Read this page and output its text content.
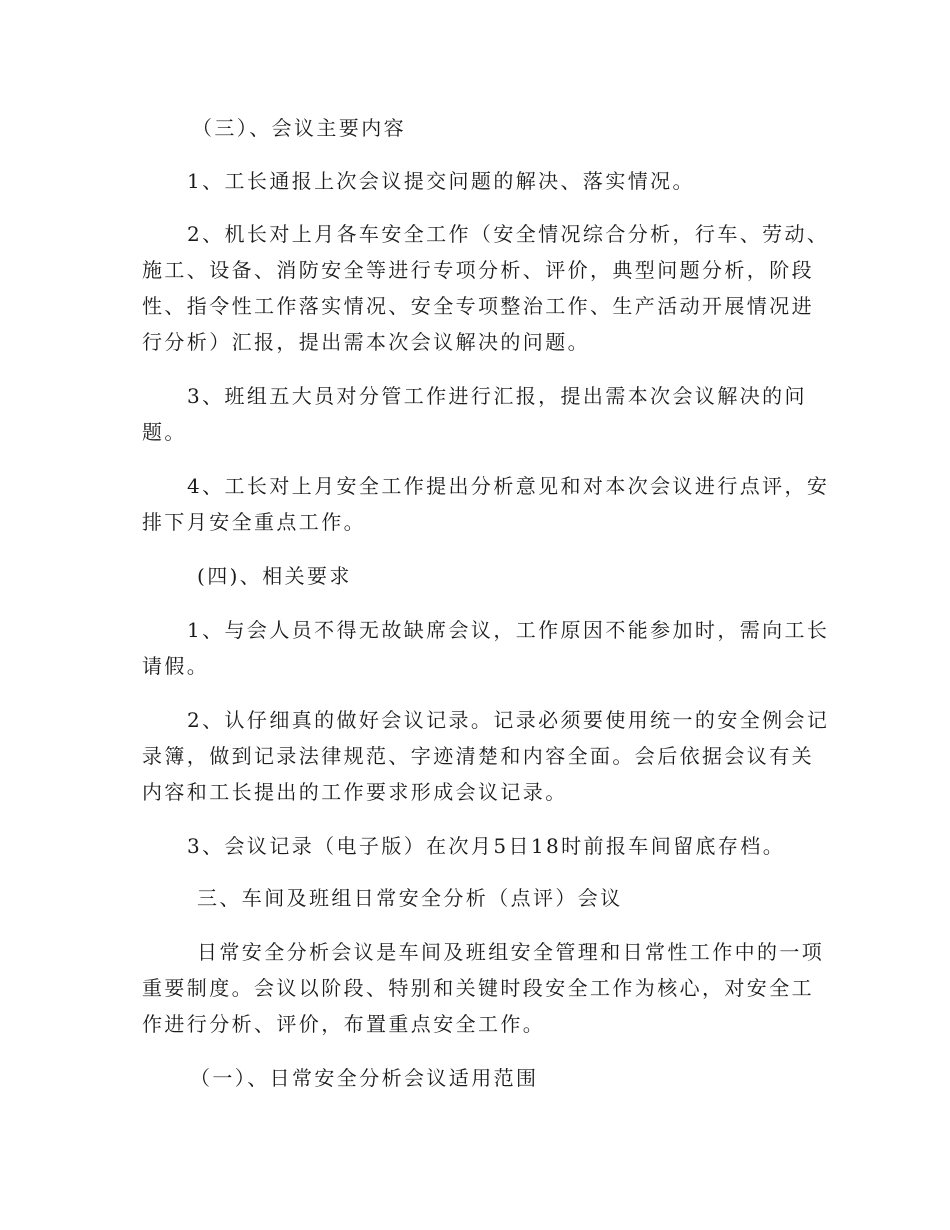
（三）、会议主要内容
1、工长通报上次会议提交问题的解决、落实情况。
2、机长对上月各车安全工作（安全情况综合分析，行车、劳动、
施工、设备、消防安全等进行专项分析、评价，典型问题分析，阶段
性、指令性工作落实情况、安全专项整治工作、生产活动开展情况进
行分析）汇报，提出需本次会议解决的问题。
3、班组五大员对分管工作进行汇报，提出需本次会议解决的问
题。
4、工长对上月安全工作提出分析意见和对本次会议进行点评，安
排下月安全重点工作。
(四)、相关要求
1、与会人员不得无故缺席会议，工作原因不能参加时，需向工长
请假。
2、认仔细真的做好会议记录。记录必须要使用统一的安全例会记
录簿，做到记录法律规范、字迹清楚和内容全面。会后依据会议有关
内容和工长提出的工作要求形成会议记录。
3、会议记录（电子版）在次月5日18时前报车间留底存档。
三、车间及班组日常安全分析（点评）会议
日常安全分析会议是车间及班组安全管理和日常性工作中的一项
重要制度。会议以阶段、特别和关键时段安全工作为核心，对安全工
作进行分析、评价，布置重点安全工作。
（一）、日常安全分析会议适用范围
